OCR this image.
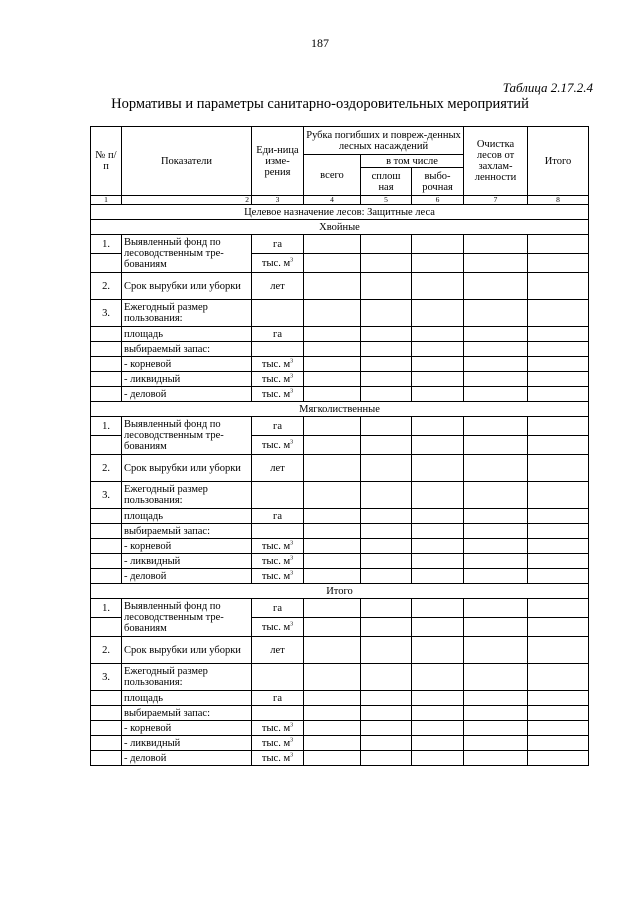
187
Таблица 2.17.2.4
Нормативы и параметры санитарно-оздоровительных мероприятий
№ п/п	Показатели	Еди-ница изме-рения	Рубка погибших и повреж-денных лесных насаждений			Очистка лесов от захлам-ленности	Итого
			всего	в том числе			
				сплош ная	выбо-рочная		
1	2	3	4	5	6	7	8
Целевое назначение лесов: Защитные леса							
Хвойные							
1.	Выявленный фонд по лесоводственным тре-бованиям	га					
		тыс. $м^3$					
2.	Срок вырубки или уборки	лет					
3.	Ежегодный размер пользования:						
	площадь	га					
	выбираемый запас:						
	- корневой	тыс. $м^3$					
	- ликвидный	тыс. $м^3$					
	- деловой	тыс. $м^3$					
Мягколиственные							
1.	Выявленный фонд по лесоводственным тре-бованиям	га					
		тыс. $м^3$					
2.	Срок вырубки или уборки	лет					
3.	Ежегодный размер пользования:						
	площадь	га					
	выбираемый запас:						
	- корневой	тыс. $м^3$					
	- ликвидный	тыс. $м^3$					
	- деловой	тыс. $м^3$					
Итого							
1.	Выявленный фонд по лесоводственным тре-бованиям	га					
		тыс. $м^3$					
2.	Срок вырубки или уборки	лет					
3.	Ежегодный размер пользования:						
	площадь	га					
	выбираемый запас:						
	- корневой	тыс. $м^3$					
	- ликвидный	тыс. $м^3$					
	- деловой	тыс. $м^3$					
